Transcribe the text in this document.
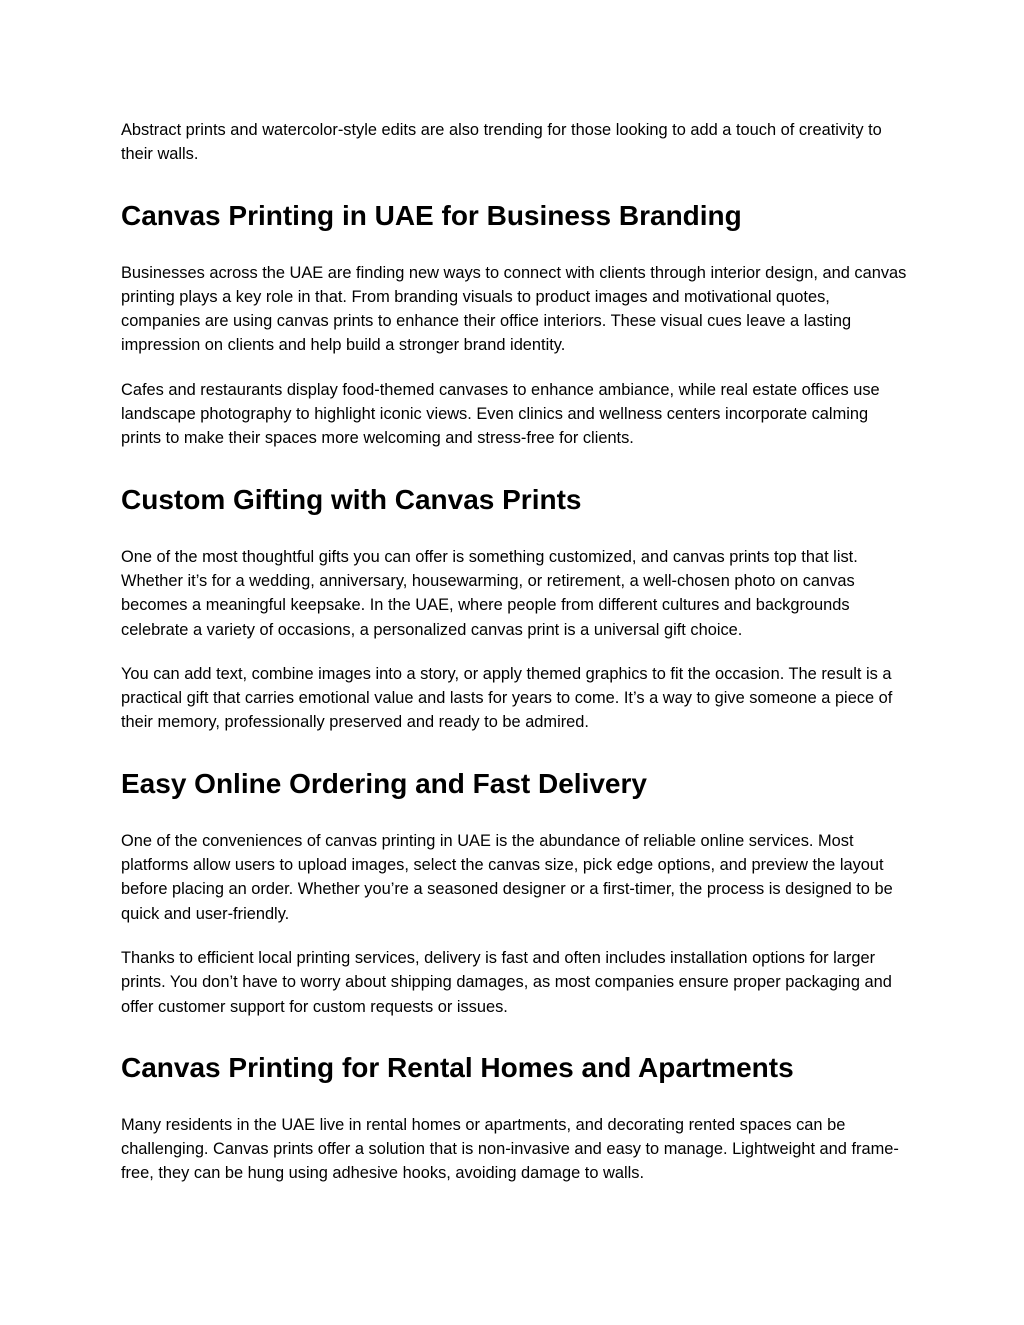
Abstract prints and watercolor-style edits are also trending for those looking to add a touch of creativity to their walls.

Canvas Printing in UAE for Business Branding

Businesses across the UAE are finding new ways to connect with clients through interior design, and canvas printing plays a key role in that. From branding visuals to product images and motivational quotes, companies are using canvas prints to enhance their office interiors. These visual cues leave a lasting impression on clients and help build a stronger brand identity.

Cafes and restaurants display food-themed canvases to enhance ambiance, while real estate offices use landscape photography to highlight iconic views. Even clinics and wellness centers incorporate calming prints to make their spaces more welcoming and stress-free for clients.

Custom Gifting with Canvas Prints

One of the most thoughtful gifts you can offer is something customized, and canvas prints top that list. Whether it’s for a wedding, anniversary, housewarming, or retirement, a well-chosen photo on canvas becomes a meaningful keepsake. In the UAE, where people from different cultures and backgrounds celebrate a variety of occasions, a personalized canvas print is a universal gift choice.

You can add text, combine images into a story, or apply themed graphics to fit the occasion. The result is a practical gift that carries emotional value and lasts for years to come. It’s a way to give someone a piece of their memory, professionally preserved and ready to be admired.

Easy Online Ordering and Fast Delivery

One of the conveniences of canvas printing in UAE is the abundance of reliable online services. Most platforms allow users to upload images, select the canvas size, pick edge options, and preview the layout before placing an order. Whether you’re a seasoned designer or a first-timer, the process is designed to be quick and user-friendly.

Thanks to efficient local printing services, delivery is fast and often includes installation options for larger prints. You don’t have to worry about shipping damages, as most companies ensure proper packaging and offer customer support for custom requests or issues.

Canvas Printing for Rental Homes and Apartments

Many residents in the UAE live in rental homes or apartments, and decorating rented spaces can be challenging. Canvas prints offer a solution that is non-invasive and easy to manage. Lightweight and frame-free, they can be hung using adhesive hooks, avoiding damage to walls.
